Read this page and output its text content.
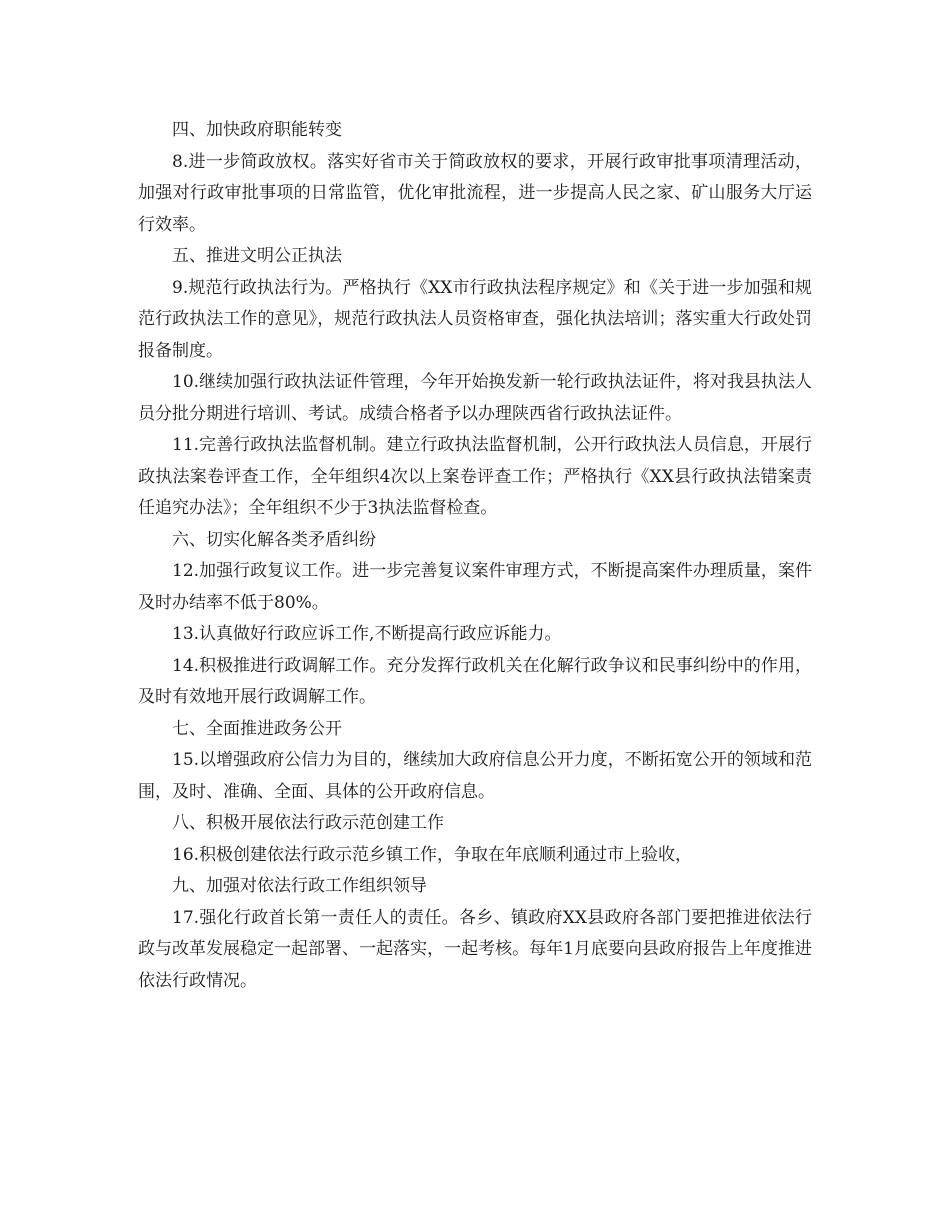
四、加快政府职能转变

8.进一步简政放权。落实好省市关于简政放权的要求，开展行政审批事项清理活动，加强对行政审批事项的日常监管，优化审批流程，进一步提高人民之家、矿山服务大厅运行效率。

五、推进文明公正执法

9.规范行政执法行为。严格执行《XX市行政执法程序规定》和《关于进一步加强和规范行政执法工作的意见》，规范行政执法人员资格审查，强化执法培训；落实重大行政处罚报备制度。

10.继续加强行政执法证件管理，今年开始换发新一轮行政执法证件，将对我县执法人员分批分期进行培训、考试。成绩合格者予以办理陕西省行政执法证件。

11.完善行政执法监督机制。建立行政执法监督机制，公开行政执法人员信息，开展行政执法案卷评查工作，全年组织4次以上案卷评查工作；严格执行《XX县行政执法错案责任追究办法》；全年组织不少于3执法监督检查。

六、切实化解各类矛盾纠纷

12.加强行政复议工作。进一步完善复议案件审理方式，不断提高案件办理质量，案件及时办结率不低于80%。

13.认真做好行政应诉工作,不断提高行政应诉能力。

14.积极推进行政调解工作。充分发挥行政机关在化解行政争议和民事纠纷中的作用，及时有效地开展行政调解工作。

七、全面推进政务公开

15.以增强政府公信力为目的，继续加大政府信息公开力度，不断拓宽公开的领域和范围，及时、准确、全面、具体的公开政府信息。

八、积极开展依法行政示范创建工作

16.积极创建依法行政示范乡镇工作，争取在年底顺利通过市上验收，

九、加强对依法行政工作组织领导

17.强化行政首长第一责任人的责任。各乡、镇政府XX县政府各部门要把推进依法行政与改革发展稳定一起部署、一起落实，一起考核。每年1月底要向县政府报告上年度推进依法行政情况。
